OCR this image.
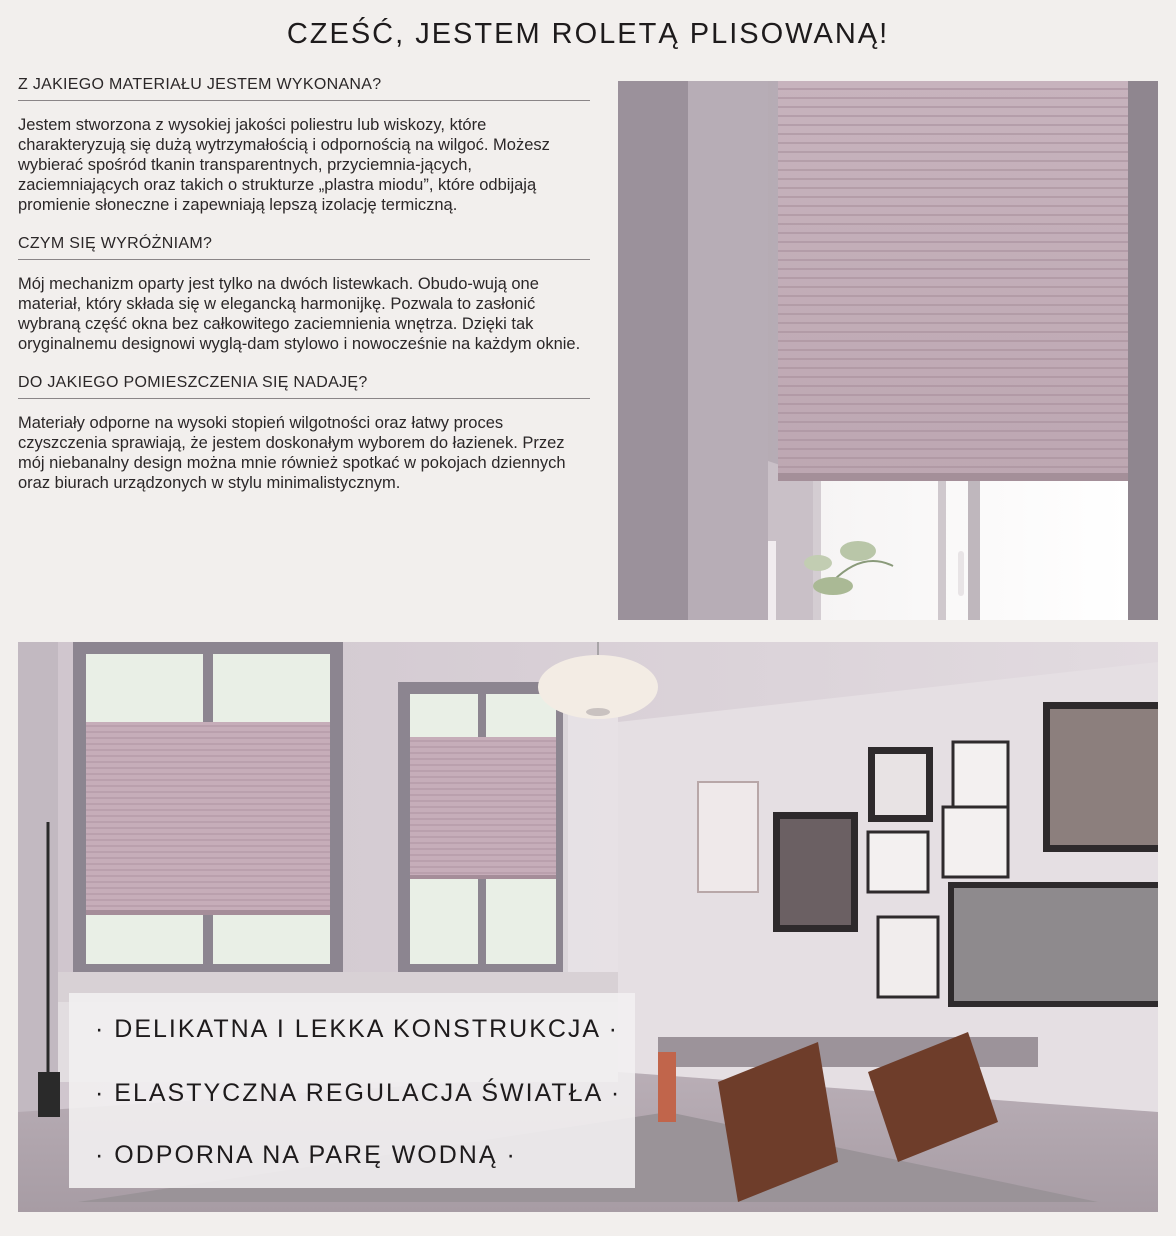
CZEŚĆ, JESTEM ROLETĄ PLISOWANĄ!
Z JAKIEGO MATERIAŁU JESTEM WYKONANA?
Jestem stworzona z wysokiej jakości poliestru lub wiskozy, które charakteryzują się dużą wytrzymałością i odpornością na wilgoć. Możesz wybierać spośród tkanin transparentnych, przyciemnia-jących, zaciemniających oraz takich o strukturze „plastra miodu”, które odbijają promienie słoneczne i zapewniają lepszą izolację termiczną.
CZYM SIĘ WYRÓŻNIAM?
Mój mechanizm oparty jest tylko na dwóch listewkach. Obudo-wują one materiał, który składa się w elegancką harmonijkę. Pozwala to zasłonić wybraną część okna bez całkowitego zaciemnienia wnętrza. Dzięki tak oryginalnemu designowi wyglą-dam stylowo i nowocześnie na każdym oknie.
DO JAKIEGO POMIESZCZENIA SIĘ NADAJĘ?
Materiały odporne na wysoki stopień wilgotności oraz łatwy proces czyszczenia sprawiają, że jestem doskonałym wyborem do łazienek. Przez mój niebanalny design można mnie również spotkać w pokojach dziennych oraz biurach urządzonych w stylu minimalistycznym.
· DELIKATNA I LEKKA KONSTRUKCJA ·
· ELASTYCZNA REGULACJA ŚWIATŁA ·
· ODPORNA NA PARĘ WODNĄ ·
